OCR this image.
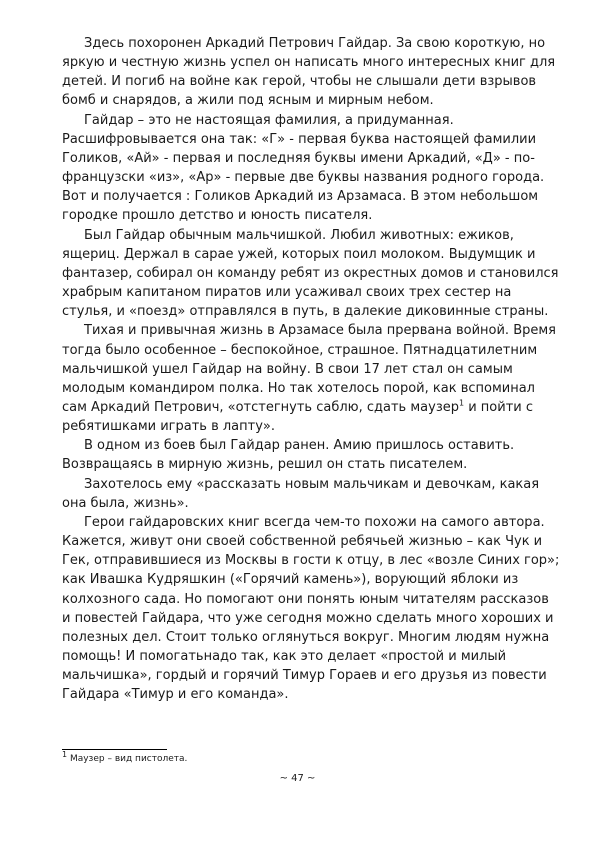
Здесь похоронен Аркадий Петрович Гайдар. За свою короткую, но яркую и честную жизнь успел он написать много интересных книг для детей. И погиб на войне как герой, чтобы не слышали дети взрывов бомб и снарядов, а жили под ясным и мирным небом.

Гайдар – это не настоящая фамилия, а придуманная. Расшифровывается она так: «Г» - первая буква настоящей фамилии Голиков, «Ай» - первая и последняя буквы имени Аркадий, «Д» - по-французски «из», «Ар» - первые две буквы названия родного города. Вот и получается : Голиков Аркадий из Арзамаса. В этом небольшом городке прошло детство и юность писателя.

Был Гайдар обычным мальчишкой. Любил животных: ежиков, ящериц. Держал в сарае ужей, которых поил молоком. Выдумщик и фантазер, собирал он команду ребят из окрестных домов и становился храбрым капитаном пиратов или усаживал своих трех сестер на стулья, и «поезд» отправлялся в путь, в далекие диковинные страны.

Тихая и привычная жизнь в Арзамасе была прервана войной. Время тогда было особенное – беспокойное, страшное. Пятнадцатилетним мальчишкой ушел Гайдар на войну. В свои 17 лет стал он самым молодым командиром полка. Но так хотелось порой, как вспоминал сам Аркадий Петрович, «отстегнуть саблю, сдать маузер$^1$ и пойти с ребятишками играть в лапту».

В одном из боев был Гайдар ранен. Амию пришлось оставить. Возвращаясь в мирную жизнь, решил он стать писателем.

Захотелось ему «рассказать новым мальчикам и девочкам, какая она была, жизнь».

Герои гайдаровских книг всегда чем-то похожи на самого автора. Кажется, живут они своей собственной ребячьей жизнью – как Чук и Гек, отправившиеся из Москвы в гости к отцу, в лес «возле Синих гор»; как Ивашка Кудряшкин («Горячий камень»), ворующий яблоки из колхозного сада. Но помогают они понять юным читателям рассказов и повестей Гайдара, что уже сегодня можно сделать много хороших и полезных дел. Стоит только оглянуться вокруг. Многим людям нужна помощь! И помогатьнадо так, как это делает «простой и милый мальчишка», гордый и горячий Тимур Гораев и его друзья из повести Гайдара «Тимур и его команда».

$^1$ Маузер – вид пистолета.
~ 47 ~
